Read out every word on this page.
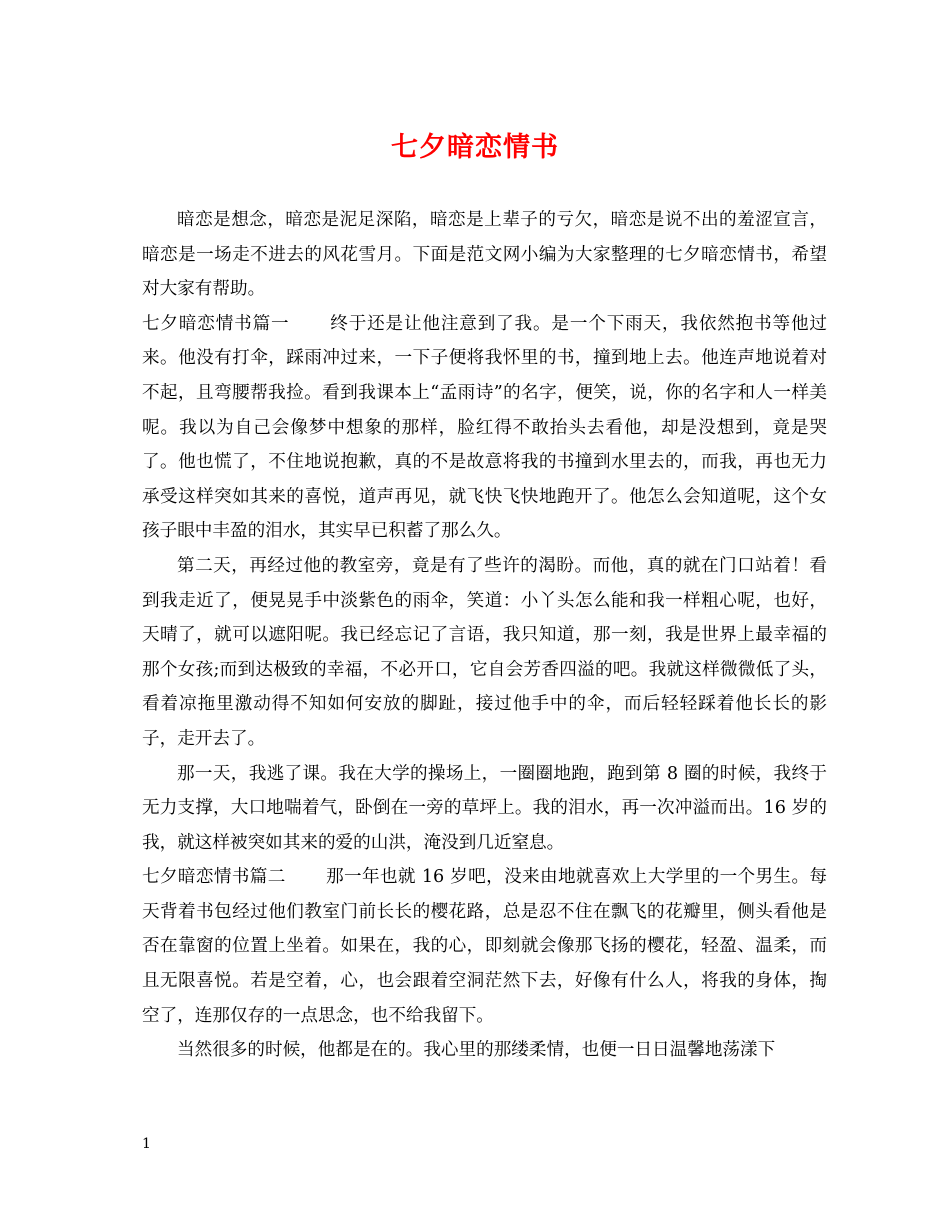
七夕暗恋情书

暗恋是想念，暗恋是泥足深陷，暗恋是上辈子的亏欠，暗恋是说不出的羞涩宣言，暗恋是一场走不进去的风花雪月。下面是范文网小编为大家整理的七夕暗恋情书，希望对大家有帮助。

七夕暗恋情书篇一 终于还是让他注意到了我。是一个下雨天，我依然抱书等他过来。他没有打伞，踩雨冲过来，一下子便将我怀里的书，撞到地上去。他连声地说着对不起，且弯腰帮我捡。看到我课本上“孟雨诗”的名字，便笑，说，你的名字和人一样美呢。我以为自己会像梦中想象的那样，脸红得不敢抬头去看他，却是没想到，竟是哭了。他也慌了，不住地说抱歉，真的不是故意将我的书撞到水里去的，而我，再也无力承受这样突如其来的喜悦，道声再见，就飞快飞快地跑开了。他怎么会知道呢，这个女孩子眼中丰盈的泪水，其实早已积蓄了那么久。

第二天，再经过他的教室旁，竟是有了些许的渴盼。而他，真的就在门口站着！看到我走近了，便晃晃手中淡紫色的雨伞，笑道：小丫头怎么能和我一样粗心呢，也好，天晴了，就可以遮阳呢。我已经忘记了言语，我只知道，那一刻，我是世界上最幸福的那个女孩;而到达极致的幸福，不必开口，它自会芳香四溢的吧。我就这样微微低了头，看着凉拖里激动得不知如何安放的脚趾，接过他手中的伞，而后轻轻踩着他长长的影子，走开去了。

那一天，我逃了课。我在大学的操场上，一圈圈地跑，跑到第 8 圈的时候，我终于无力支撑，大口地喘着气，卧倒在一旁的草坪上。我的泪水，再一次冲溢而出。16 岁的我，就这样被突如其来的爱的山洪，淹没到几近窒息。

七夕暗恋情书篇二 那一年也就 16 岁吧，没来由地就喜欢上大学里的一个男生。每天背着书包经过他们教室门前长长的樱花路，总是忍不住在飘飞的花瓣里，侧头看他是否在靠窗的位置上坐着。如果在，我的心，即刻就会像那飞扬的樱花，轻盈、温柔，而且无限喜悦。若是空着，心，也会跟着空洞茫然下去，好像有什么人，将我的身体，掏空了，连那仅存的一点思念，也不给我留下。

当然很多的时候，他都是在的。我心里的那缕柔情，也便一日日温馨地荡漾下

1
